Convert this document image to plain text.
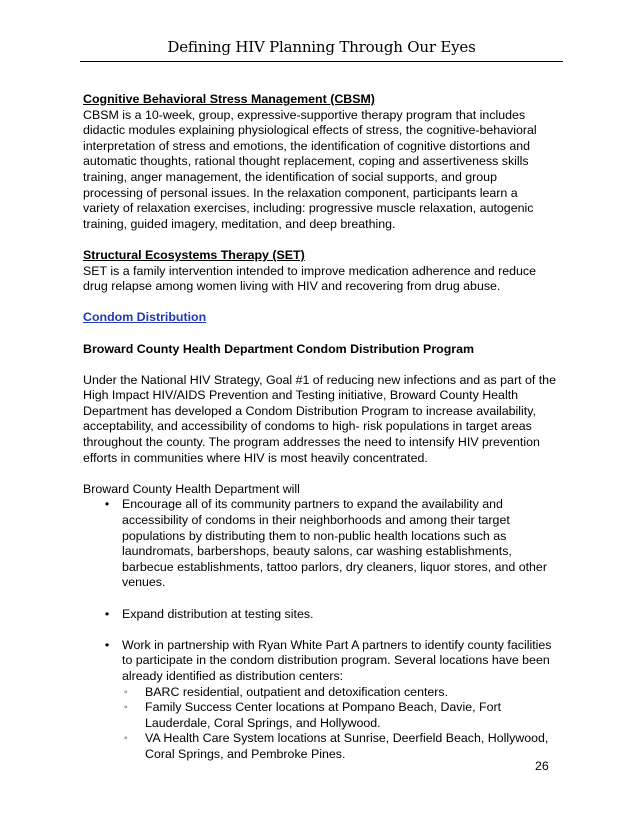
Defining HIV Planning Through Our Eyes
Cognitive Behavioral Stress Management (CBSM)
CBSM is a 10-week, group, expressive-supportive therapy program that includes
didactic modules explaining physiological effects of stress, the cognitive-behavioral
interpretation of stress and emotions, the identification of cognitive distortions and
automatic thoughts, rational thought replacement, coping and assertiveness skills
training, anger management, the identification of social supports, and group
processing of personal issues. In the relaxation component, participants learn a
variety of relaxation exercises, including: progressive muscle relaxation, autogenic
training, guided imagery, meditation, and deep breathing.
Structural Ecosystems Therapy (SET)
SET is a family intervention intended to improve medication adherence and reduce
drug relapse among women living with HIV and recovering from drug abuse.
Condom Distribution
Broward County Health Department Condom Distribution Program
Under the National HIV Strategy, Goal #1 of reducing new infections and as part of the
High Impact HIV/AIDS Prevention and Testing initiative, Broward County Health
Department has developed a Condom Distribution Program to increase availability,
acceptability, and accessibility of condoms to high- risk populations in target areas
throughout the county. The program addresses the need to intensify HIV prevention
efforts in communities where HIV is most heavily concentrated.
Broward County Health Department will
•	Encourage all of its community partners to expand the availability and
accessibility of condoms in their neighborhoods and among their target
populations by distributing them to non-public health locations such as
laundromats, barbershops, beauty salons, car washing establishments,
barbecue establishments, tattoo parlors, dry cleaners, liquor stores, and other
venues.
•	Expand distribution at testing sites.
•	Work in partnership with Ryan White Part A partners to identify county facilities
to participate in the condom distribution program. Several locations have been
already identified as distribution centers:
◦ BARC residential, outpatient and detoxification centers.
◦ Family Success Center locations at Pompano Beach, Davie, Fort
Lauderdale, Coral Springs, and Hollywood.
◦ VA Health Care System locations at Sunrise, Deerfield Beach, Hollywood,
Coral Springs, and Pembroke Pines.
26
